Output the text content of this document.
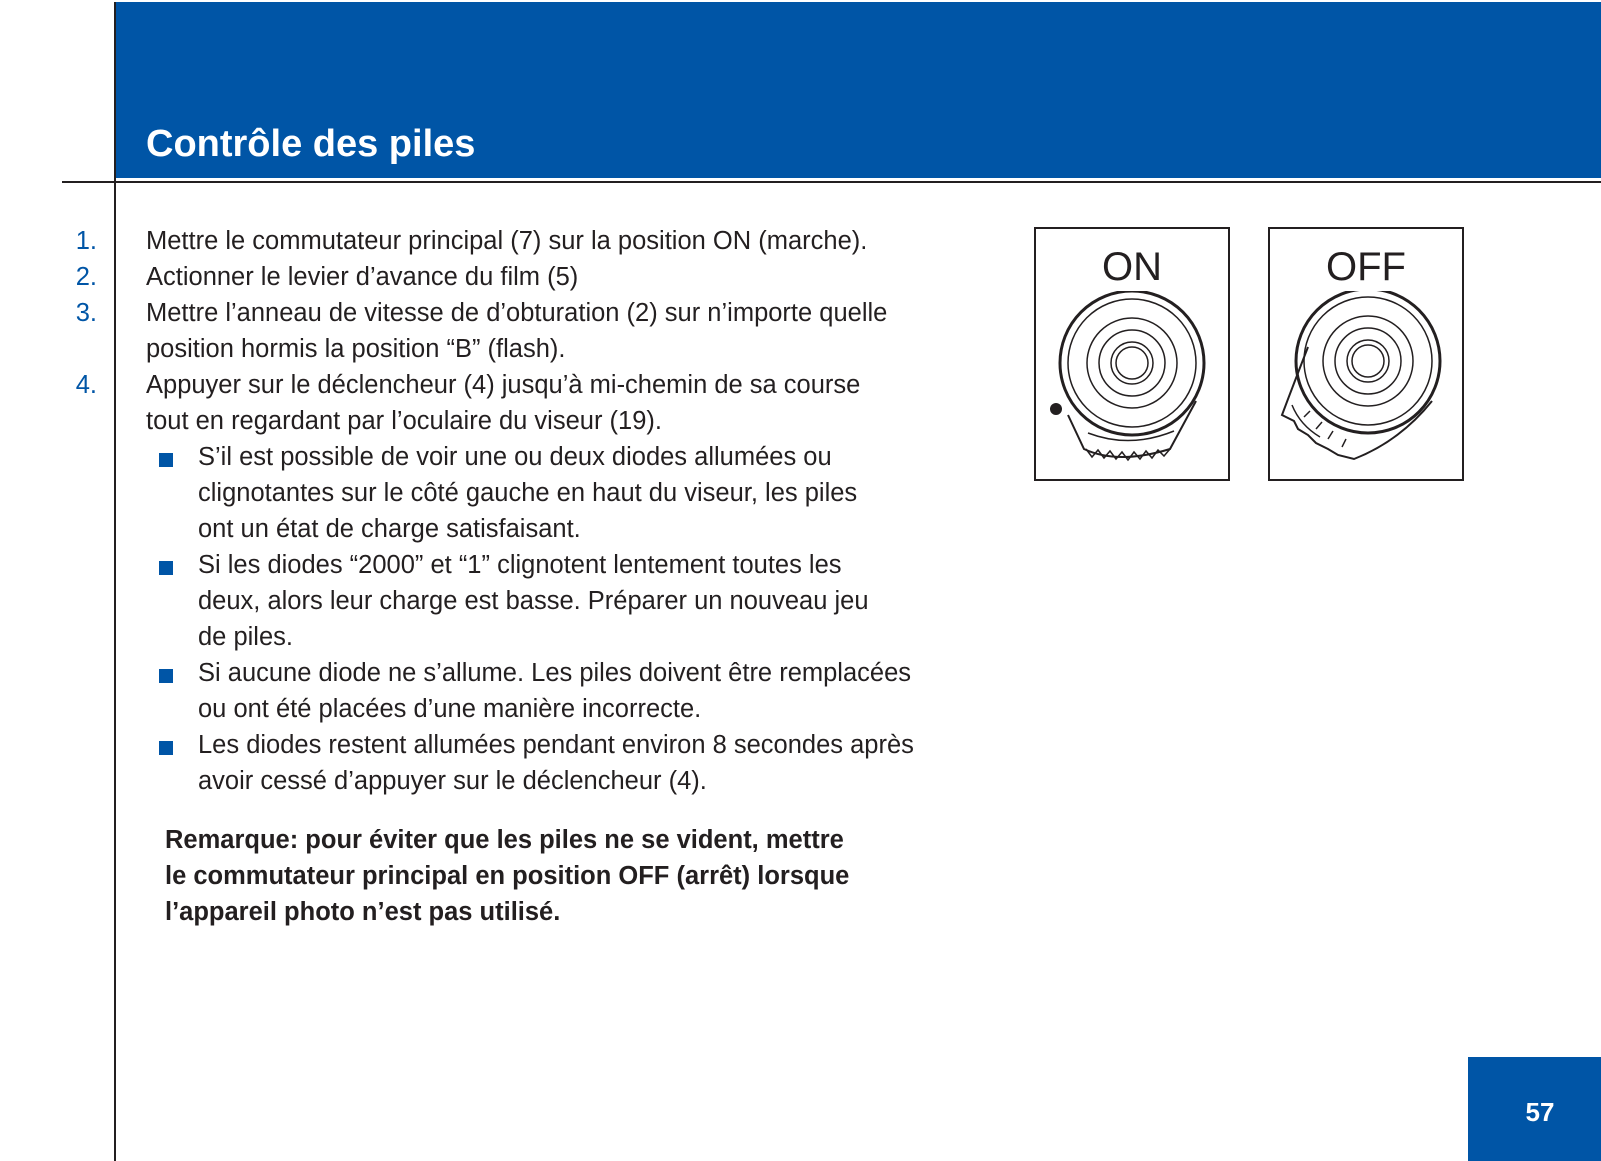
Contrôle des piles
1. Mettre le commutateur principal (7) sur la position ON (marche).
2. Actionner le levier d’avance du film (5)
3. Mettre l’anneau de vitesse de d’obturation (2) sur n’importe quelle
position hormis la position “B” (flash).
4. Appuyer sur le déclencheur (4) jusqu’à mi-chemin de sa course
tout en regardant par l’oculaire du viseur (19).
S’il est possible de voir une ou deux diodes allumées ou
clignotantes sur le côté gauche en haut du viseur, les piles
ont un état de charge satisfaisant.
Si les diodes “2000” et “1” clignotent lentement toutes les
deux, alors leur charge est basse. Préparer un nouveau jeu
de piles.
Si aucune diode ne s’allume. Les piles doivent être remplacées
ou ont été placées d’une manière incorrecte.
Les diodes restent allumées pendant environ 8 secondes après
avoir cessé d’appuyer sur le déclencheur (4).
Remarque: pour éviter que les piles ne se vident, mettre
le commutateur principal en position OFF (arrêt) lorsque
l’appareil photo n’est pas utilisé.
ON	OFF
57
